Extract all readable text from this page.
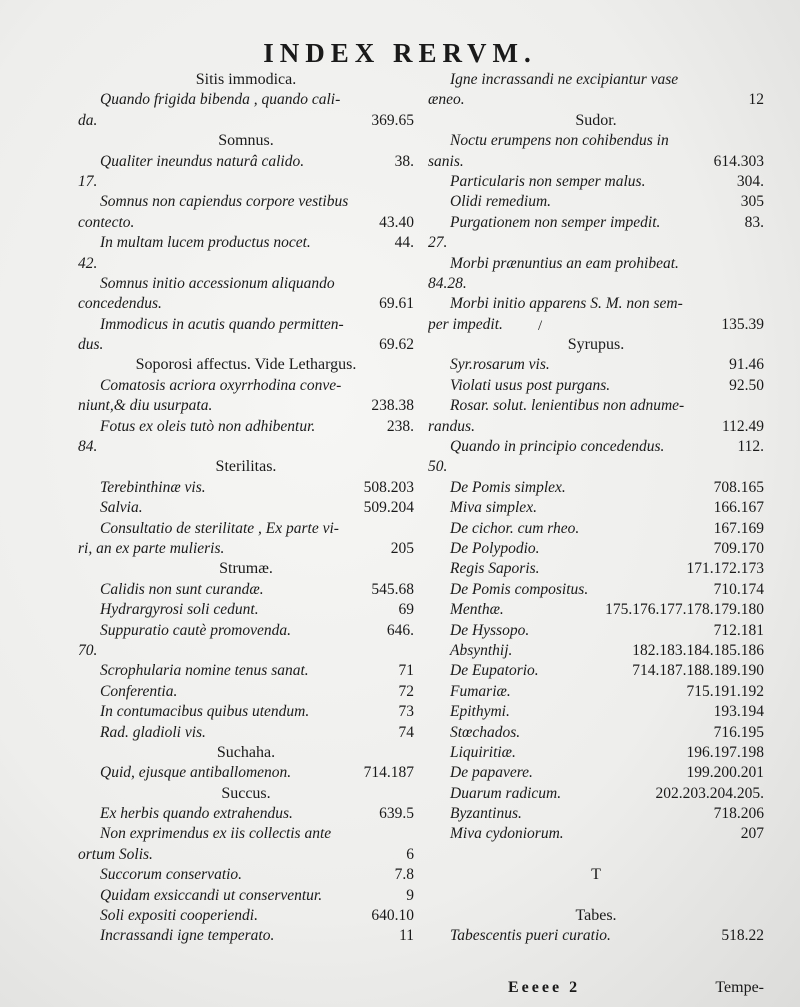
INDEX RERVM.
Sitis immodica.
Quando frigida bibenda , quando cali-
da.	369.65
Somnus.
Qualiter ineundus naturâ calido.	38.
17.
Somnus non capiendus corpore vestibus
contecto.	43.40
In multam lucem productus nocet.	44.
42.
Somnus initio accessionum aliquando
concedendus.	69.61
Immodicus in acutis quando permitten-
dus.	69.62
Soporosi affectus. Vide Lethargus.
Comatosis acriora oxyrrhodina conve-
niunt,& diu usurpata.	238.38
Fotus ex oleis tutò non adhibentur.	238.
84.
Sterilitas.
Terebinthinæ vis.	508.203
Salvia.	509.204
Consultatio de sterilitate , Ex parte vi-
ri, an ex parte mulieris.	205
Strumæ.
Calidis non sunt curandæ.	545.68
Hydrargyrosi soli cedunt.	69
Suppuratio cautè promovenda.	646.
70.
Scrophularia nomine tenus sanat.	71
Conferentia.	72
In contumacibus quibus utendum.	73
Rad. gladioli vis.	74
Suchaha.
Quid, ejusque antiballomenon.	714.187
Succus.
Ex herbis quando extrahendus.	639.5
Non exprimendus ex iis collectis ante
ortum Solis.	6
Succorum conservatio.	7.8
Quidam exsiccandi ut conserventur.	9
Soli expositi cooperiendi.	640.10
Incrassandi igne temperato.	11
Igne incrassandi ne excipiantur vase
æneo.	12
Sudor.
Noctu erumpens non cohibendus in
sanis.	614.303
Particularis non semper malus.	304.
Olidi remedium.	305
Purgationem non semper impedit.	83.
27.
Morbi prænuntius an eam prohibeat.
84.28.
Morbi initio apparens S. M. non sem-
per impedit.	135.39
Syrupus.
Syr.rosarum vis.	91.46
Violati usus post purgans.	92.50
Rosar. solut. lenientibus non adnume-
randus.	112.49
Quando in principio concedendus.	112.
50.
De Pomis simplex.	708.165
Miva simplex.	166.167
De cichor. cum rheo.	167.169
De Polypodio.	709.170
Regis Saporis.	171.172.173
De Pomis compositus.	710.174
Menthæ.	175.176.177.178.179.180
De Hyssopo.	712.181
Absynthij.	182.183.184.185.186
De Eupatorio.	714.187.188.189.190
Fumariæ.	715.191.192
Epithymi.	193.194
Stœchados.	716.195
Liquiritiæ.	196.197.198
De papavere.	199.200.201
Duarum radicum.	202.203.204.205.
Byzantinus.	718.206
Miva cydoniorum.	207
T
Tabes.
Tabescentis pueri curatio.	518.22
/
Eeeee 2	Tempe-
